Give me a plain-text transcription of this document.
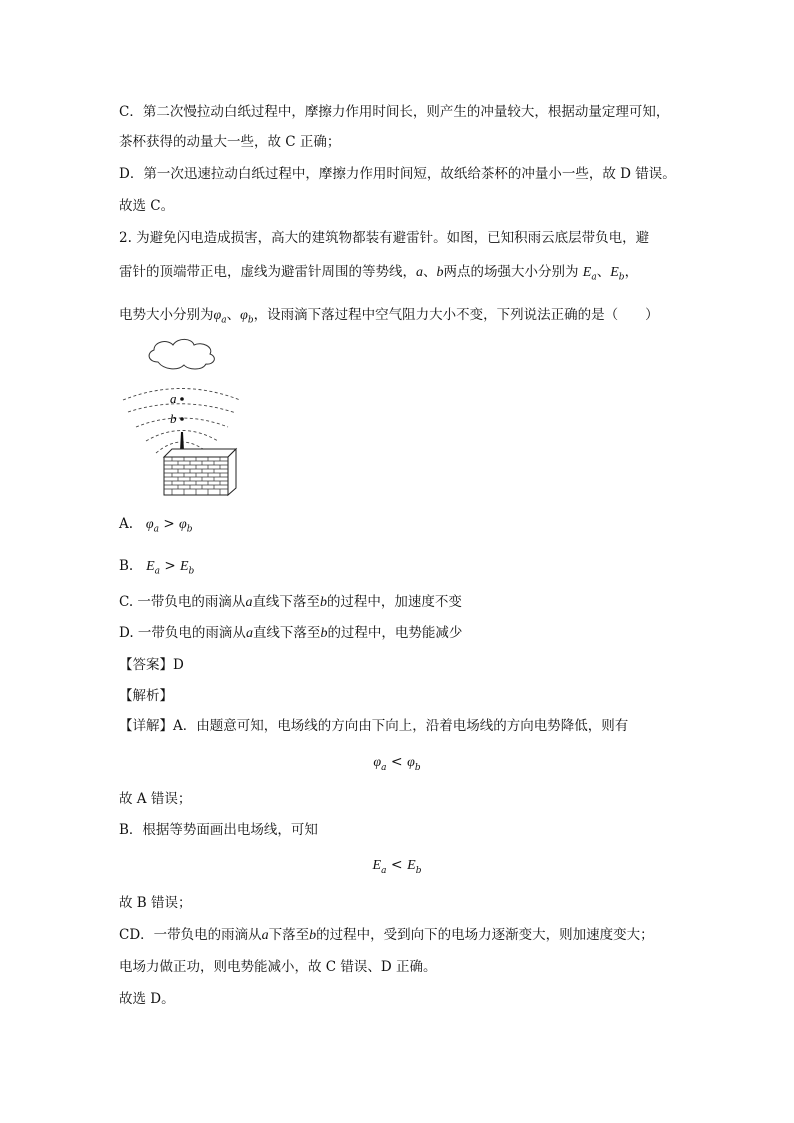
C．第二次慢拉动白纸过程中，摩擦力作用时间长，则产生的冲量较大，根据动量定理可知，
茶杯获得的动量大一些，故 C 正确；
D．第一次迅速拉动白纸过程中，摩擦力作用时间短，故纸给茶杯的冲量小一些，故 D 错误。
故选 C。
2. 为避免闪电造成损害，高大的建筑物都装有避雷针。如图，已知积雨云底层带负电，避
雷针的顶端带正电，虚线为避雷针周围的等势线，a、b两点的场强大小分别为 $E_a$、$E_b$，
电势大小分别为$\varphi_a$、$\varphi_b$，设雨滴下落过程中空气阻力大小不变，下列说法正确的是（　　）
a
b
A. $\varphi_a > \varphi_b$
B. $E_a > E_b$
C. 一带负电的雨滴从a直线下落至b的过程中，加速度不变
D. 一带负电的雨滴从a直线下落至b的过程中，电势能减少
【答案】D
【解析】
【详解】A．由题意可知，电场线的方向由下向上，沿着电场线的方向电势降低，则有
$\varphi_a < \varphi_b$
故 A 错误；
B．根据等势面画出电场线，可知
$E_a < E_b$
故 B 错误；
CD．一带负电的雨滴从a下落至b的过程中，受到向下的电场力逐渐变大，则加速度变大；
电场力做正功，则电势能减小，故 C 错误、D 正确。
故选 D。
